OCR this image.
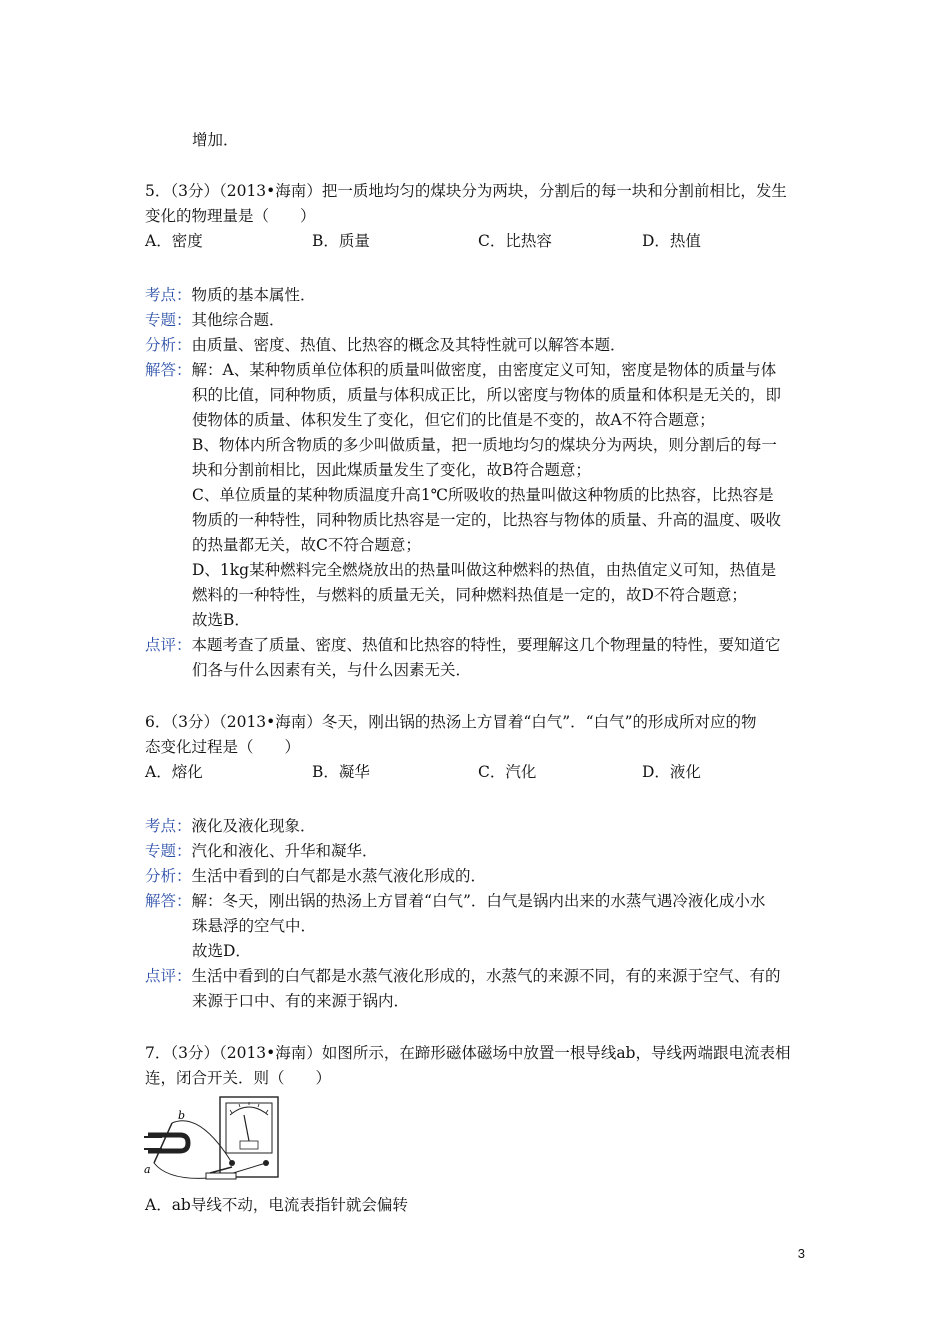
增加．
5．（3分）（2013•海南）把一质地均匀的煤块分为两块，分割后的每一块和分割前相比，发生
变化的物理量是（　　）
A．密度	B．质量	C．比热容	D．热值
考点：物质的基本属性．
专题：其他综合题．
分析：由质量、密度、热值、比热容的概念及其特性就可以解答本题．
解答：解：A、某种物质单位体积的质量叫做密度，由密度定义可知，密度是物体的质量与体
积的比值，同种物质，质量与体积成正比，所以密度与物体的质量和体积是无关的，即
使物体的质量、体积发生了变化，但它们的比值是不变的，故A不符合题意；
B、物体内所含物质的多少叫做质量，把一质地均匀的煤块分为两块，则分割后的每一
块和分割前相比，因此煤质量发生了变化，故B符合题意；
C、单位质量的某种物质温度升高1℃所吸收的热量叫做这种物质的比热容，比热容是
物质的一种特性，同种物质比热容是一定的，比热容与物体的质量、升高的温度、吸收
的热量都无关，故C不符合题意；
D、1kg某种燃料完全燃烧放出的热量叫做这种燃料的热值，由热值定义可知，热值是
燃料的一种特性，与燃料的质量无关，同种燃料热值是一定的，故D不符合题意；
故选B．
点评：本题考查了质量、密度、热值和比热容的特性，要理解这几个物理量的特性，要知道它
们各与什么因素有关，与什么因素无关．
6．（3分）（2013•海南）冬天，刚出锅的热汤上方冒着“白气”．“白气”的形成所对应的物
态变化过程是（　　）
A．熔化	B．凝华	C．汽化	D．液化
考点：液化及液化现象．
专题：汽化和液化、升华和凝华．
分析：生活中看到的白气都是水蒸气液化形成的．
解答：解：冬天，刚出锅的热汤上方冒着“白气”．白气是锅内出来的水蒸气遇冷液化成小水
珠悬浮的空气中．
故选D．
点评：生活中看到的白气都是水蒸气液化形成的，水蒸气的来源不同，有的来源于空气、有的
来源于口中、有的来源于锅内．
7．（3分）（2013•海南）如图所示，在蹄形磁体磁场中放置一根导线ab，导线两端跟电流表相
连，闭合开关．则（　　）
b
a
A．ab导线不动，电流表指针就会偏转
3
